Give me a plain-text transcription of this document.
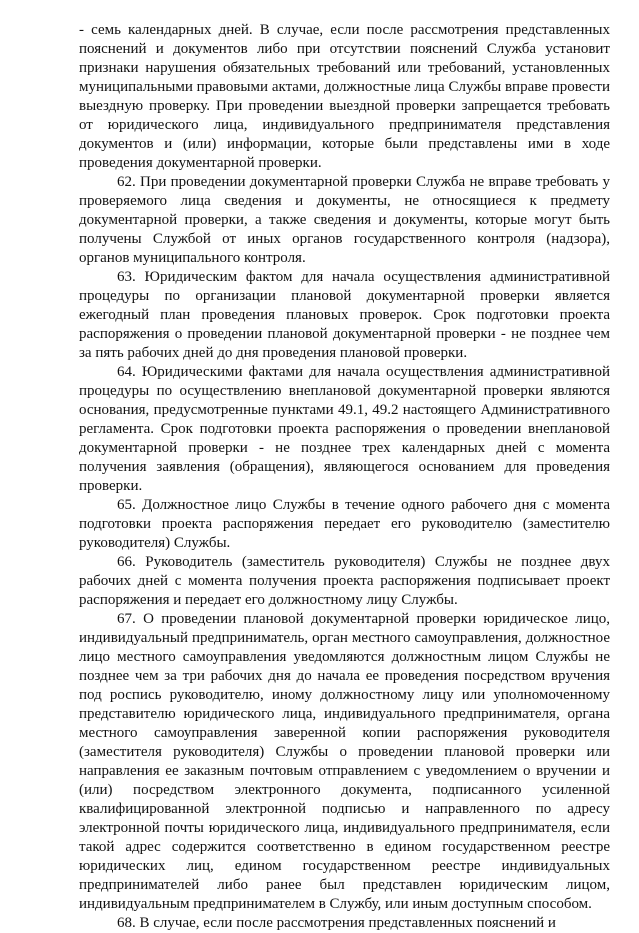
- семь календарных дней. В случае, если после рассмотрения представленных пояснений и документов либо при отсутствии пояснений Служба установит признаки нарушения обязательных требований или требований, установленных муниципальными правовыми актами, должностные лица Службы вправе провести выездную проверку. При проведении выездной проверки запрещается требовать от юридического лица, индивидуального предпринимателя представления документов и (или) информации, которые были представлены ими в ходе проведения документарной проверки.

62. При проведении документарной проверки Служба не вправе требовать у проверяемого лица сведения и документы, не относящиеся к предмету документарной проверки, а также сведения и документы, которые могут быть получены Службой от иных органов государственного контроля (надзора), органов муниципального контроля.

63. Юридическим фактом для начала осуществления административной процедуры по организации плановой документарной проверки является ежегодный план проведения плановых проверок. Срок подготовки проекта распоряжения о проведении плановой документарной проверки - не позднее чем за пять рабочих дней до дня проведения плановой проверки.

64. Юридическими фактами для начала осуществления административной процедуры по осуществлению внеплановой документарной проверки являются основания, предусмотренные пунктами 49.1, 49.2 настоящего Административного регламента. Срок подготовки проекта распоряжения о проведении внеплановой документарной проверки - не позднее трех календарных дней с момента получения заявления (обращения), являющегося основанием для проведения проверки.

65. Должностное лицо Службы в течение одного рабочего дня с момента подготовки проекта распоряжения передает его руководителю (заместителю руководителя) Службы.

66. Руководитель (заместитель руководителя) Службы не позднее двух рабочих дней с момента получения проекта распоряжения подписывает проект распоряжения и передает его должностному лицу Службы.

67. О проведении плановой документарной проверки юридическое лицо, индивидуальный предприниматель, орган местного самоуправления, должностное лицо местного самоуправления уведомляются должностным лицом Службы не позднее чем за три рабочих дня до начала ее проведения посредством вручения под роспись руководителю, иному должностному лицу или уполномоченному представителю юридического лица, индивидуального предпринимателя, органа местного самоуправления заверенной копии распоряжения руководителя (заместителя руководителя) Службы о проведении плановой проверки или направления ее заказным почтовым отправлением с уведомлением о вручении и (или) посредством электронного документа, подписанного усиленной квалифицированной электронной подписью и направленного по адресу электронной почты юридического лица, индивидуального предпринимателя, если такой адрес содержится соответственно в едином государственном реестре юридических лиц, едином государственном реестре индивидуальных предпринимателей либо ранее был представлен юридическим лицом, индивидуальным предпринимателем в Службу, или иным доступным способом.

68. В случае, если после рассмотрения представленных пояснений и
